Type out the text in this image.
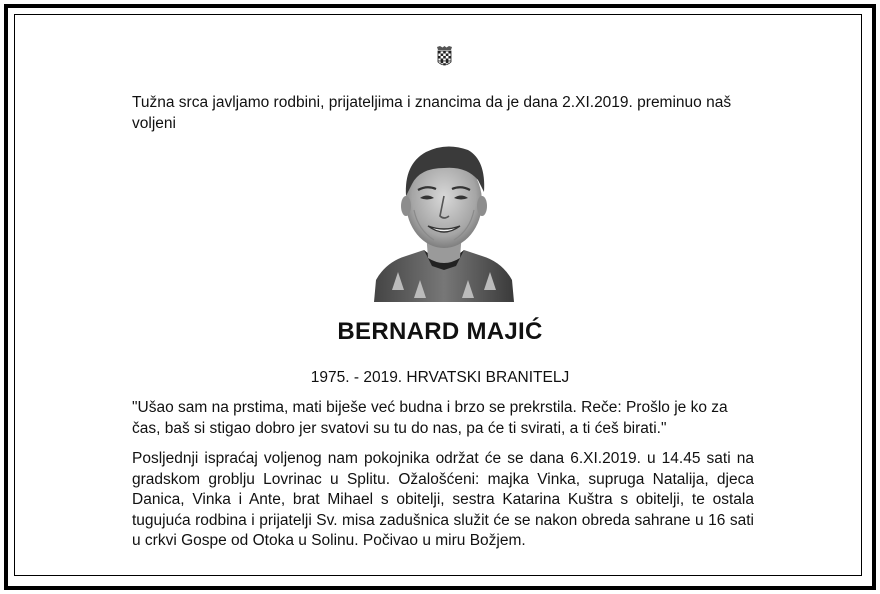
Tužna srca javljamo rodbini, prijateljima i znancima da je dana 2.XI.2019. preminuo naš voljeni
BERNARD MAJIĆ
1975. - 2019. HRVATSKI BRANITELJ
"Ušao sam na prstima, mati biješe već budna i brzo se prekrstila. Reče: Prošlo je ko za čas, baš si stigao dobro jer svatovi su tu do nas, pa će ti svirati, a ti ćeš birati."
Posljednji ispraćaj voljenog nam pokojnika održat će se dana 6.XI.2019. u 14.45 sati na gradskom groblju Lovrinac u Splitu. Ožalošćeni: majka Vinka, supruga Natalija, djeca Danica, Vinka i Ante, brat Mihael s obitelji, sestra Katarina Kuštra s obitelji, te ostala tugujuća rodbina i prijatelji Sv. misa zadušnica služit će se nakon obreda sahrane u 16 sati u crkvi Gospe od Otoka u Solinu. Počivao u miru Božjem.
